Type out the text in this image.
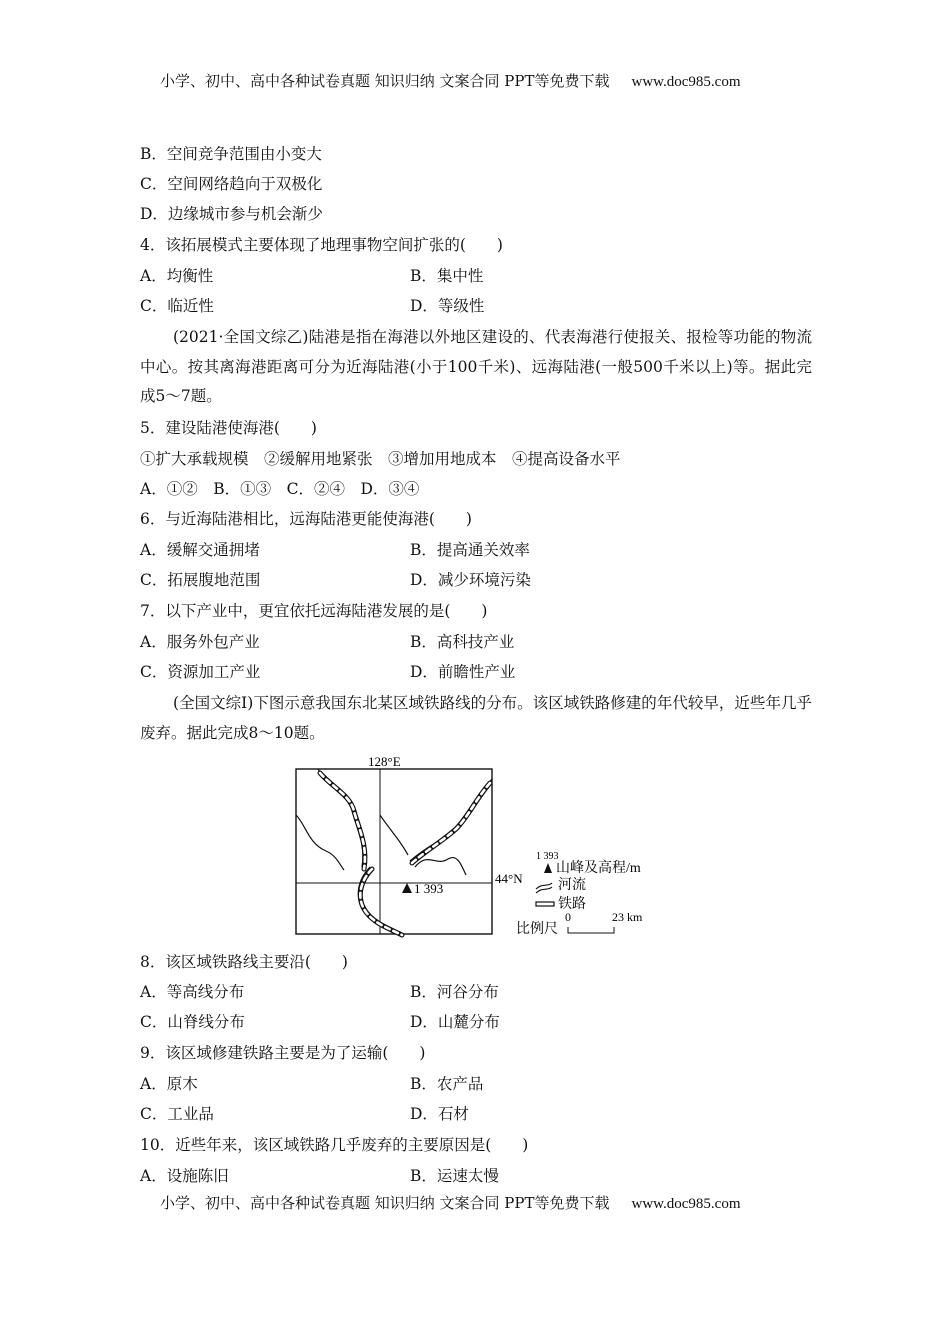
小学、初中、高中各种试卷真题 知识归纳 文案合同 PPT等免费下载 www.doc985.com
B．空间竞争范围由小变大
C．空间网络趋向于双极化
D．边缘城市参与机会渐少
4．该拓展模式主要体现了地理事物空间扩张的(　　)
A．均衡性	B．集中性
C．临近性	D．等级性
(2021·全国文综乙)陆港是指在海港以外地区建设的、代表海港行使报关、报检等功能的物流中心。按其离海港距离可分为近海陆港(小于100千米)、远海陆港(一般500千米以上)等。据此完成5～7题。
5．建设陆港使海港(　　)
①扩大承载规模　②缓解用地紧张　③增加用地成本　④提高设备水平
A．①②　B．①③　C．②④　D．③④
6．与近海陆港相比，远海陆港更能使海港(　　)
A．缓解交通拥堵	B．提高通关效率
C．拓展腹地范围	D．减少环境污染
7．以下产业中，更宜依托远海陆港发展的是(　　)
A．服务外包产业	B．高科技产业
C．资源加工产业	D．前瞻性产业
(全国文综Ⅰ)下图示意我国东北某区域铁路线的分布。该区域铁路修建的年代较早，近些年几乎废弃。据此完成8～10题。
128°E
44°N
1 393
1 393
山峰及高程/m
河流
铁路
比例尺
0	23 km
8．该区域铁路线主要沿(　　)
A．等高线分布	B．河谷分布
C．山脊线分布	D．山麓分布
9．该区域修建铁路主要是为了运输(　　)
A．原木	B．农产品
C．工业品	D．石材
10．近些年来，该区域铁路几乎废弃的主要原因是(　　)
A．设施陈旧	B．运速太慢
小学、初中、高中各种试卷真题 知识归纳 文案合同 PPT等免费下载 www.doc985.com
